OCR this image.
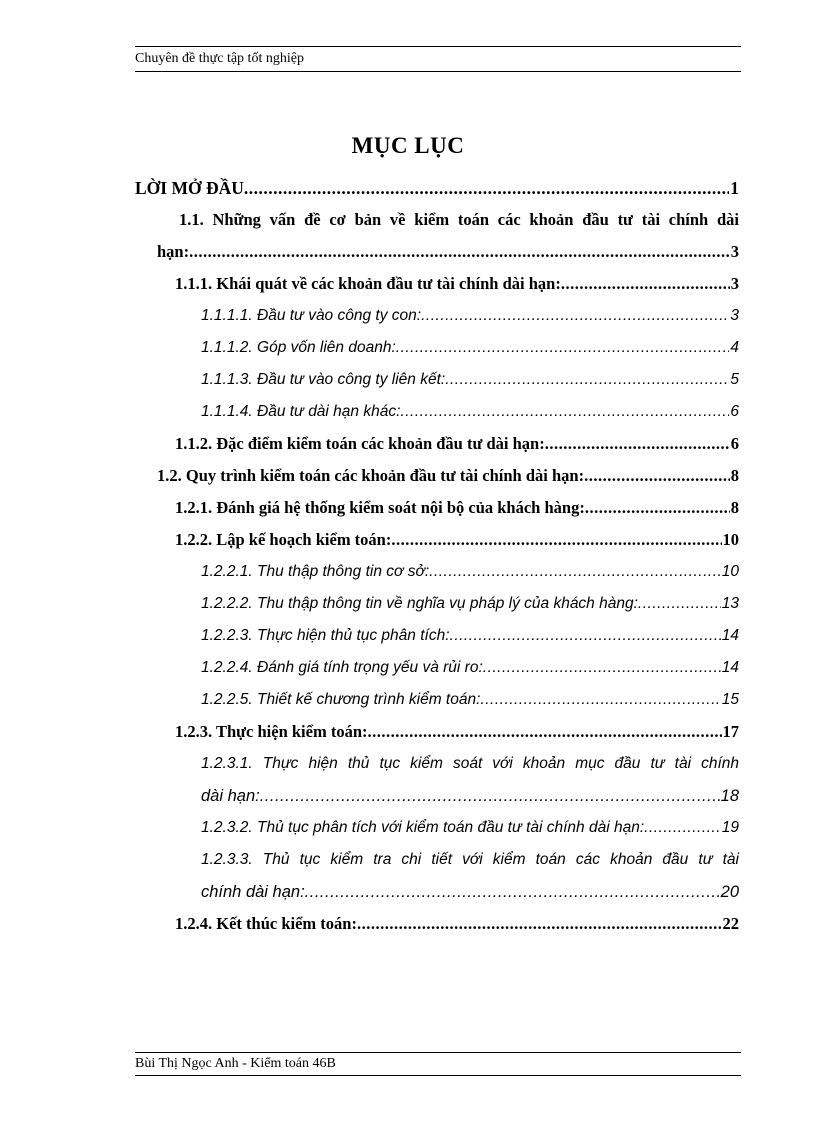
Chuyên đề thực tập tốt nghiệp
MỤC LỤC
LỜI MỞ ĐẦU .....	1
1.1. Những vấn đề cơ bản về kiểm toán các khoản đầu tư tài chính dài
hạn: .....	3
1.1.1. Khái quát về các khoản đầu tư tài chính dài hạn: .....	3
1.1.1.1. Đầu tư vào công ty con: .....	3
1.1.1.2. Góp vốn liên doanh: .....	4
1.1.1.3. Đầu tư vào công ty liên kết: .....	5
1.1.1.4. Đầu tư dài hạn khác: .....	6
1.1.2. Đặc điểm kiểm toán các khoản đầu tư dài hạn: .....	6
1.2. Quy trình kiểm toán các khoản đầu tư tài chính dài hạn: .....	8
1.2.1. Đánh giá hệ thống kiểm soát nội bộ của khách hàng: .....	8
1.2.2. Lập kế hoạch kiểm toán: .....	10
1.2.2.1. Thu thập thông tin cơ sở: .....	10
1.2.2.2. Thu thập thông tin về nghĩa vụ pháp lý của khách hàng: .....	13
1.2.2.3. Thực hiện thủ tục phân tích: .....	14
1.2.2.4. Đánh giá tính trọng yếu và rủi ro: .....	14
1.2.2.5. Thiết kế chương trình kiểm toán: .....	15
1.2.3. Thực hiện kiểm toán: .....	17
1.2.3.1. Thực hiện thủ tục kiểm soát với khoản mục đầu tư tài chính
dài hạn: .....	18
1.2.3.2. Thủ tục phân tích với kiểm toán đầu tư tài chính dài hạn: .....	19
1.2.3.3. Thủ tục kiểm tra chi tiết với kiểm toán các khoản đầu tư tài
chính dài hạn: .....	20
1.2.4. Kết thúc kiểm toán: .....	22
Bùi Thị Ngọc Anh - Kiểm toán 46B
